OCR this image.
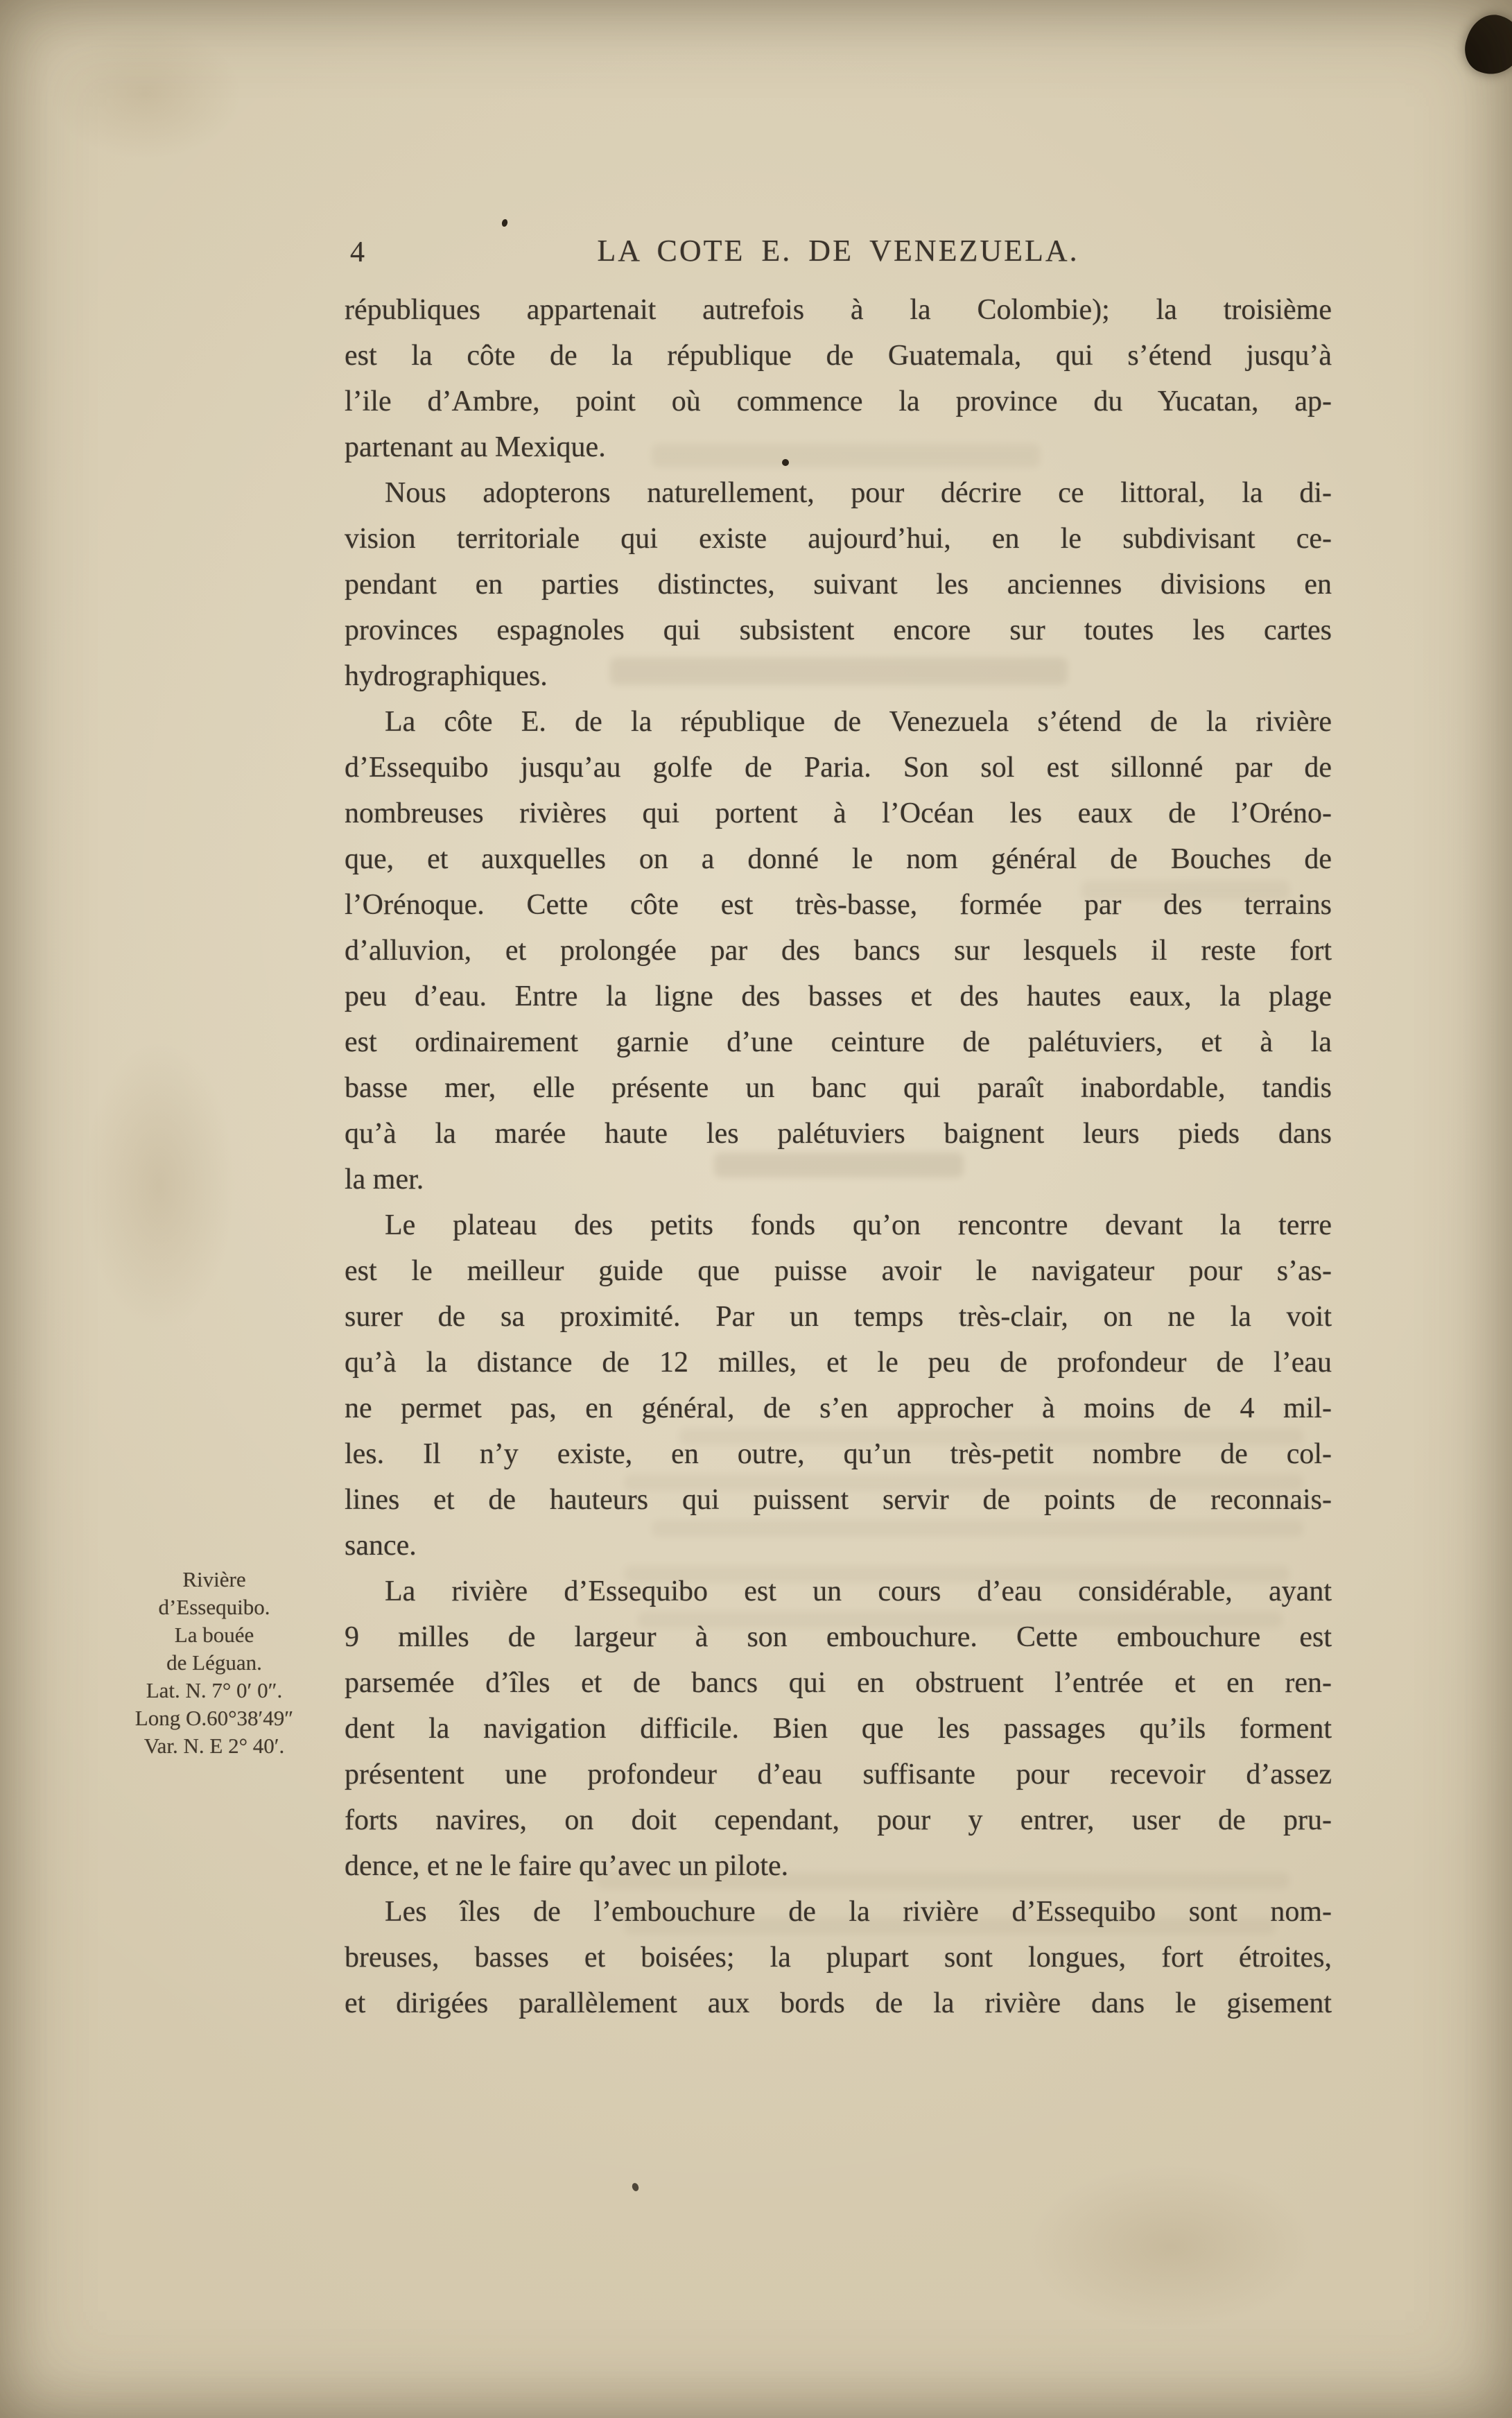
4	LA COTE E. DE VENEZUELA.
républiques appartenait autrefois à la Colombie); la troisième
est la côte de la république de Guatemala, qui s’étend jusqu’à
l’ile d’Ambre, point où commence la province du Yucatan, ap-
partenant au Mexique.
Nous adopterons naturellement, pour décrire ce littoral, la di-
vision territoriale qui existe aujourd’hui, en le subdivisant ce-
pendant en parties distinctes, suivant les anciennes divisions en
provinces espagnoles qui subsistent encore sur toutes les cartes
hydrographiques.
La côte E. de la république de Venezuela s’étend de la rivière
d’Essequibo jusqu’au golfe de Paria. Son sol est sillonné par de
nombreuses rivières qui portent à l’Océan les eaux de l’Oréno-
que, et auxquelles on a donné le nom général de Bouches de
l’Orénoque. Cette côte est très-basse, formée par des terrains
d’alluvion, et prolongée par des bancs sur lesquels il reste fort
peu d’eau. Entre la ligne des basses et des hautes eaux, la plage
est ordinairement garnie d’une ceinture de palétuviers, et à la
basse mer, elle présente un banc qui paraît inabordable, tandis
qu’à la marée haute les palétuviers baignent leurs pieds dans
la mer.
Le plateau des petits fonds qu’on rencontre devant la terre
est le meilleur guide que puisse avoir le navigateur pour s’as-
surer de sa proximité. Par un temps très-clair, on ne la voit
qu’à la distance de 12 milles, et le peu de profondeur de l’eau
ne permet pas, en général, de s’en approcher à moins de 4 mil-
les. Il n’y existe, en outre, qu’un très-petit nombre de col-
lines et de hauteurs qui puissent servir de points de reconnais-
sance.
La rivière d’Essequibo est un cours d’eau considérable, ayant
9 milles de largeur à son embouchure. Cette embouchure est
parsemée d’îles et de bancs qui en obstruent l’entrée et en ren-
dent la navigation difficile. Bien que les passages qu’ils forment
présentent une profondeur d’eau suffisante pour recevoir d’assez
forts navires, on doit cependant, pour y entrer, user de pru-
dence, et ne le faire qu’avec un pilote.
Les îles de l’embouchure de la rivière d’Essequibo sont nom-
breuses, basses et boisées; la plupart sont longues, fort étroites,
et dirigées parallèlement aux bords de la rivière dans le gisement
Rivière
d’Essequibo.
La bouée
de Léguan.
Lat. N. 7° 0′ 0″.
Long O.60°38′49″
Var. N. E 2° 40′.
